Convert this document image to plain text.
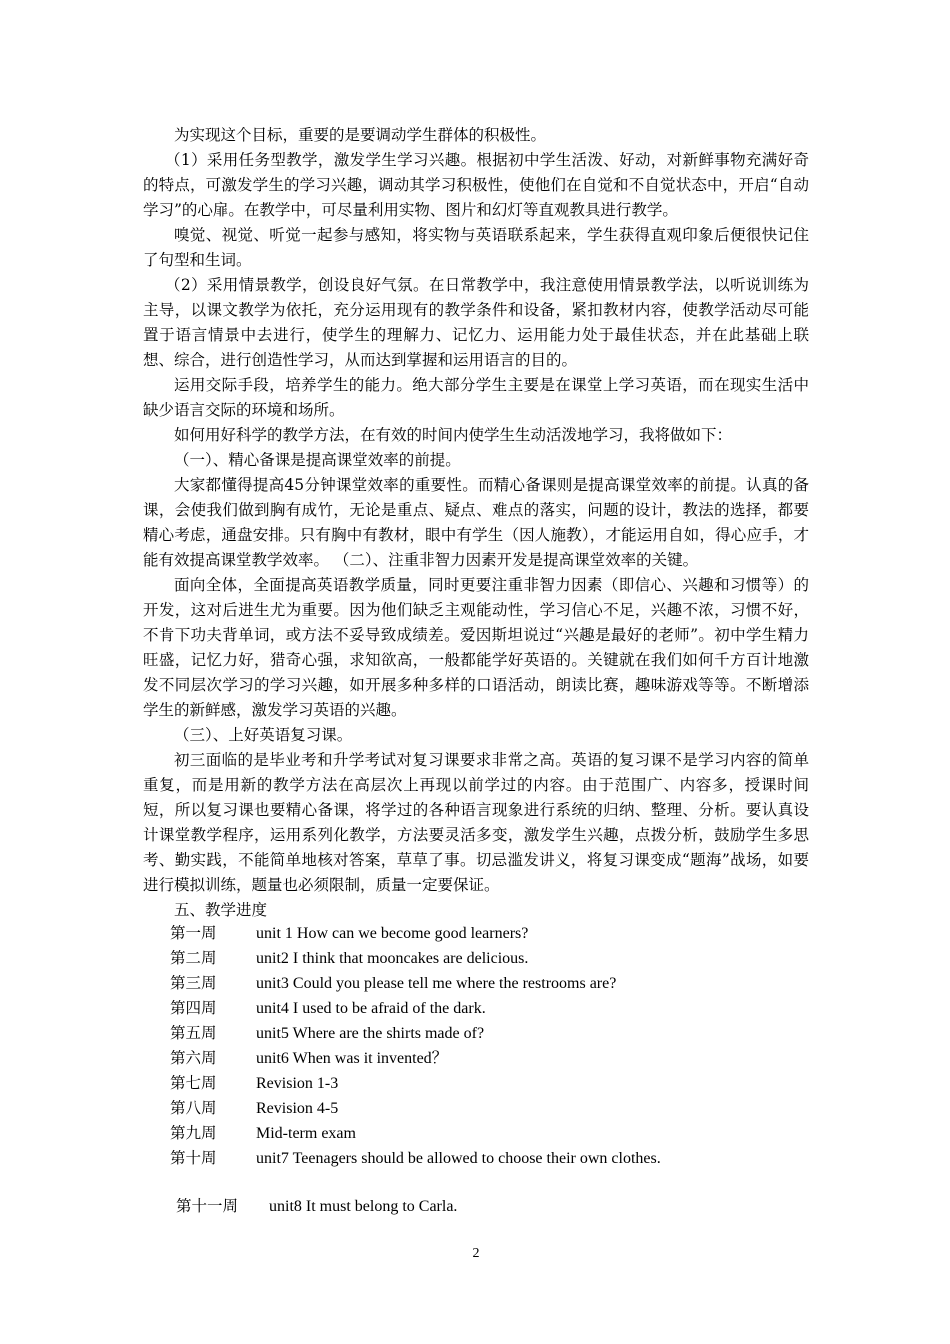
为实现这个目标，重要的是要调动学生群体的积极性。

（1）采用任务型教学，激发学生学习兴趣。根据初中学生活泼、好动，对新鲜事物充满好奇的特点，可激发学生的学习兴趣，调动其学习积极性，使他们在自觉和不自觉状态中，开启“自动学习”的心扉。在教学中，可尽量利用实物、图片和幻灯等直观教具进行教学。

嗅觉、视觉、听觉一起参与感知，将实物与英语联系起来，学生获得直观印象后便很快记住了句型和生词。

（2）采用情景教学，创设良好气氛。在日常教学中，我注意使用情景教学法，以听说训练为主导，以课文教学为依托，充分运用现有的教学条件和设备，紧扣教材内容，使教学活动尽可能置于语言情景中去进行，使学生的理解力、记忆力、运用能力处于最佳状态，并在此基础上联想、综合，进行创造性学习，从而达到掌握和运用语言的目的。

运用交际手段，培养学生的能力。绝大部分学生主要是在课堂上学习英语，而在现实生活中缺少语言交际的环境和场所。

如何用好科学的教学方法，在有效的时间内使学生生动活泼地学习，我将做如下：

（一）、精心备课是提高课堂效率的前提。

大家都懂得提高45分钟课堂效率的重要性。而精心备课则是提高课堂效率的前提。认真的备课，会使我们做到胸有成竹，无论是重点、疑点、难点的落实，问题的设计，教法的选择，都要精心考虑，通盘安排。只有胸中有教材，眼中有学生（因人施教），才能运用自如，得心应手，才能有效提高课堂教学效率。 （二）、注重非智力因素开发是提高课堂效率的关键。

面向全体，全面提高英语教学质量，同时更要注重非智力因素（即信心、兴趣和习惯等）的开发，这对后进生尤为重要。因为他们缺乏主观能动性，学习信心不足，兴趣不浓，习惯不好，不肯下功夫背单词，或方法不妥导致成绩差。爱因斯坦说过“兴趣是最好的老师”。初中学生精力旺盛，记忆力好，猎奇心强，求知欲高，一般都能学好英语的。关键就在我们如何千方百计地激发不同层次学习的学习兴趣，如开展多种多样的口语活动，朗读比赛，趣味游戏等等。不断增添学生的新鲜感，激发学习英语的兴趣。

（三）、上好英语复习课。

初三面临的是毕业考和升学考试对复习课要求非常之高。英语的复习课不是学习内容的简单重复，而是用新的教学方法在高层次上再现以前学过的内容。由于范围广、内容多，授课时间短，所以复习课也要精心备课，将学过的各种语言现象进行系统的归纳、整理、分析。要认真设计课堂教学程序，运用系列化教学，方法要灵活多变，激发学生兴趣，点拨分析，鼓励学生多思考、勤实践，不能简单地核对答案，草草了事。切忌滥发讲义，将复习课变成“题海”战场，如要进行模拟训练，题量也必须限制，质量一定要保证。

五、教学进度

第一周 unit 1 How can we become good learners?
第二周 unit2 I think that mooncakes are delicious.
第三周 unit3 Could you please tell me where the restrooms are?
第四周 unit4 I used to be afraid of the dark.
第五周 unit5 Where are the shirts made of?
第六周 unit6 When was it invented？
第七周 Revision 1-3
第八周 Revision 4-5
第九周 Mid-term exam
第十周 unit7 Teenagers should be allowed to choose their own clothes.
第十一周 unit8 It must belong to Carla.
2
